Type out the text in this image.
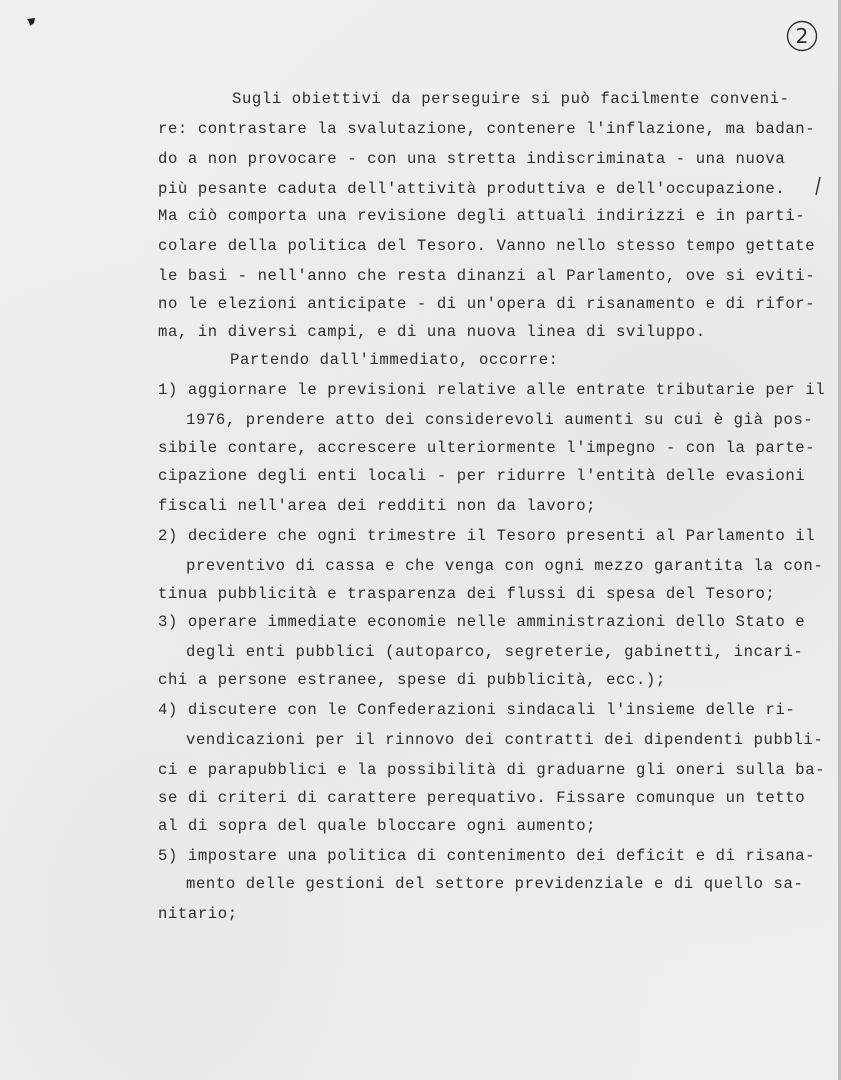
2
Sugli obiettivi da perseguire si può facilmente conveni-
re: contrastare la svalutazione, contenere l'inflazione, ma badan-
do a non provocare - con una stretta indiscriminata - una nuova
più pesante caduta dell'attività produttiva e dell'occupazione.
Ma ciò comporta una revisione degli attuali indirizzi e in parti-
colare della politica del Tesoro. Vanno nello stesso tempo gettate
le basi - nell'anno che resta dinanzi al Parlamento, ove si eviti-
no le elezioni anticipate - di un'opera di risanamento e di rifor-
ma, in diversi campi, e di una nuova linea di sviluppo.
Partendo dall'immediato, occorre:
1) aggiornare le previsioni relative alle entrate tributarie per il
1976, prendere atto dei considerevoli aumenti su cui è già pos-
sibile contare, accrescere ulteriormente l'impegno - con la parte-
cipazione degli enti locali - per ridurre l'entità delle evasioni
fiscali nell'area dei redditi non da lavoro;
2) decidere che ogni trimestre il Tesoro presenti al Parlamento il
preventivo di cassa e che venga con ogni mezzo garantita la con-
tinua pubblicità e trasparenza dei flussi di spesa del Tesoro;
3) operare immediate economie nelle amministrazioni dello Stato e
degli enti pubblici (autoparco, segreterie, gabinetti, incari-
chi a persone estranee, spese di pubblicità, ecc.);
4) discutere con le Confederazioni sindacali l'insieme delle ri-
vendicazioni per il rinnovo dei contratti dei dipendenti pubbli-
ci e parapubblici e la possibilità di graduarne gli oneri sulla ba-
se di criteri di carattere perequativo. Fissare comunque un tetto
al di sopra del quale bloccare ogni aumento;
5) impostare una politica di contenimento dei deficit e di risana-
mento delle gestioni del settore previdenziale e di quello sa-
nitario;
